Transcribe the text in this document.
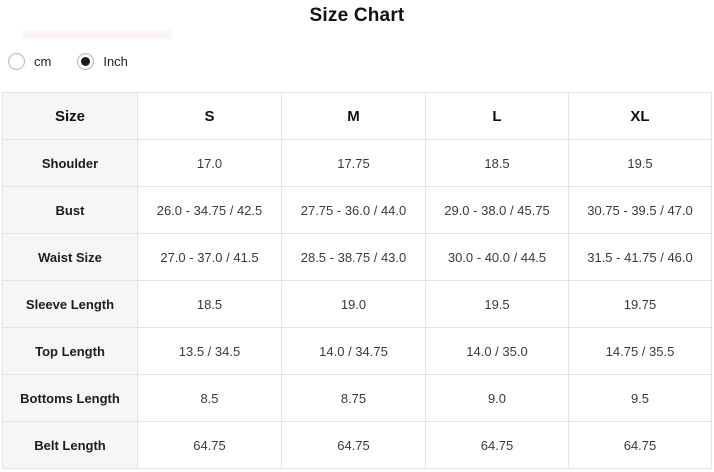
Size Chart
cm	Inch
Size	S	M	L	XL
Shoulder	17.0	17.75	18.5	19.5
Bust	26.0 - 34.75 / 42.5	27.75 - 36.0 / 44.0	29.0 - 38.0 / 45.75	30.75 - 39.5 / 47.0
Waist Size	27.0 - 37.0 / 41.5	28.5 - 38.75 / 43.0	30.0 - 40.0 / 44.5	31.5 - 41.75 / 46.0
Sleeve Length	18.5	19.0	19.5	19.75
Top Length	13.5 / 34.5	14.0 / 34.75	14.0 / 35.0	14.75 / 35.5
Bottoms Length	8.5	8.75	9.0	9.5
Belt Length	64.75	64.75	64.75	64.75
